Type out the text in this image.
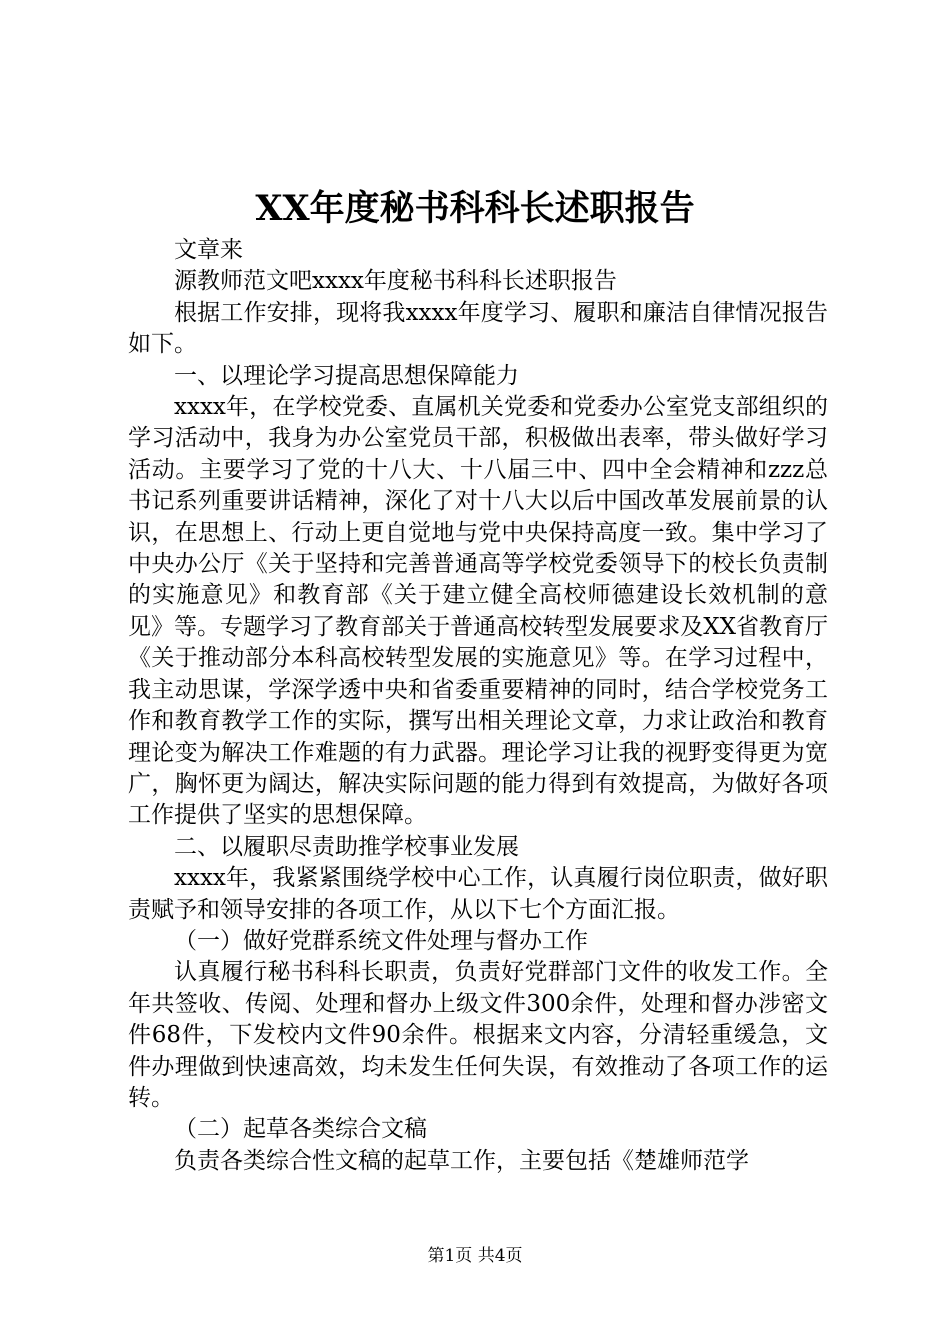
XX年度秘书科科长述职报告

文章来

源教师范文吧xxxx年度秘书科科长述职报告

根据工作安排，现将我xxxx年度学习、履职和廉洁自律情况报告如下。

一、以理论学习提高思想保障能力

xxxx年，在学校党委、直属机关党委和党委办公室党支部组织的学习活动中，我身为办公室党员干部，积极做出表率，带头做好学习活动。主要学习了党的十八大、十八届三中、四中全会精神和zzz总书记系列重要讲话精神，深化了对十八大以后中国改革发展前景的认识，在思想上、行动上更自觉地与党中央保持高度一致。集中学习了中央办公厅《关于坚持和完善普通高等学校党委领导下的校长负责制的实施意见》和教育部《关于建立健全高校师德建设长效机制的意见》等。专题学习了教育部关于普通高校转型发展要求及XX省教育厅《关于推动部分本科高校转型发展的实施意见》等。在学习过程中，我主动思谋，学深学透中央和省委重要精神的同时，结合学校党务工作和教育教学工作的实际，撰写出相关理论文章，力求让政治和教育理论变为解决工作难题的有力武器。理论学习让我的视野变得更为宽广，胸怀更为阔达，解决实际问题的能力得到有效提高，为做好各项工作提供了坚实的思想保障。

二、以履职尽责助推学校事业发展

xxxx年，我紧紧围绕学校中心工作，认真履行岗位职责，做好职责赋予和领导安排的各项工作，从以下七个方面汇报。

（一）做好党群系统文件处理与督办工作

认真履行秘书科科长职责，负责好党群部门文件的收发工作。全年共签收、传阅、处理和督办上级文件300余件，处理和督办涉密文件68件，下发校内文件90余件。根据来文内容，分清轻重缓急，文件办理做到快速高效，均未发生任何失误，有效推动了各项工作的运转。

（二）起草各类综合文稿

负责各类综合性文稿的起草工作，主要包括《楚雄师范学

第1页 共4页
